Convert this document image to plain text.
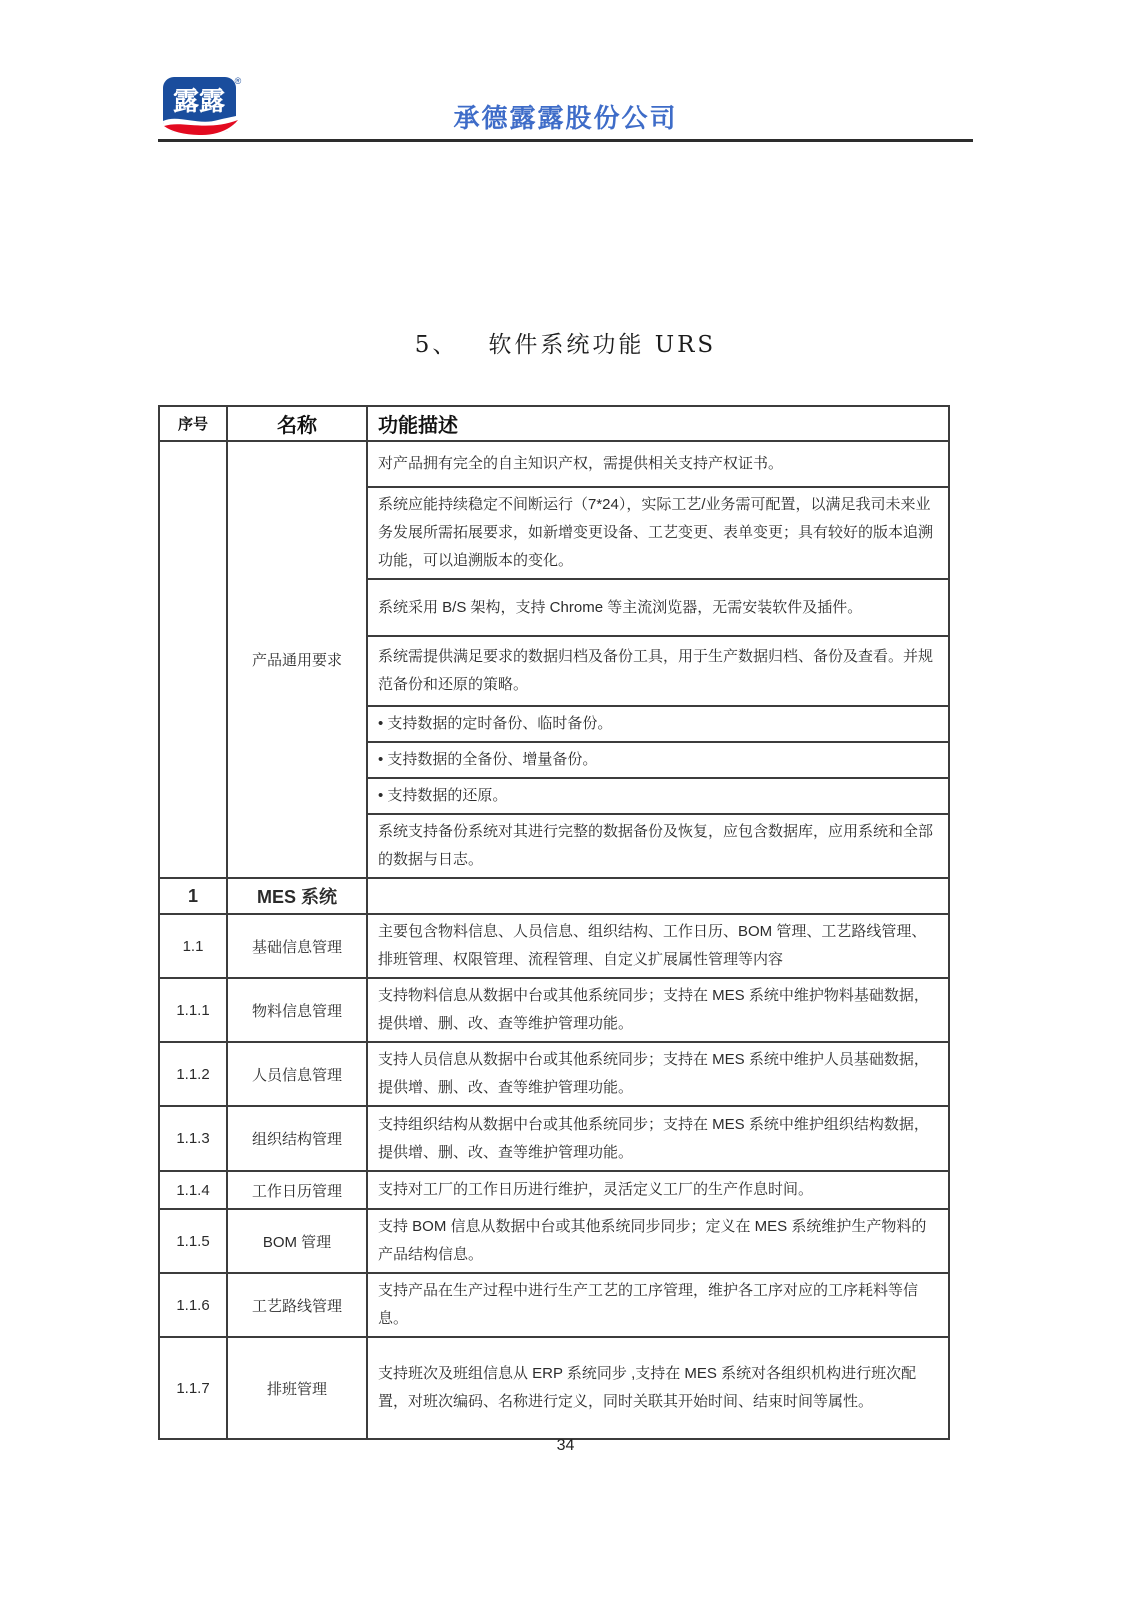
露露
®
承德露露股份公司
5、 软件系统功能 URS
序号	名称	功能描述
	产品通用要求	对产品拥有完全的自主知识产权，需提供相关支持产权证书。
		系统应能持续稳定不间断运行（7*24），实际工艺/业务需可配置，以满足我司未来业务发展所需拓展要求，如新增变更设备、工艺变更、表单变更；具有较好的版本追溯功能，可以追溯版本的变化。
		系统采用 B/S 架构，支持 Chrome 等主流浏览器，无需安装软件及插件。
		系统需提供满足要求的数据归档及备份工具，用于生产数据归档、备份及查看。并规范备份和还原的策略。
		• 支持数据的定时备份、临时备份。
		• 支持数据的全备份、增量备份。
		• 支持数据的还原。
		系统支持备份系统对其进行完整的数据备份及恢复，应包含数据库，应用系统和全部的数据与日志。
1	MES 系统	
1.1	基础信息管理	主要包含物料信息、人员信息、组织结构、工作日历、BOM 管理、工艺路线管理、排班管理、权限管理、流程管理、自定义扩展属性管理等内容
1.1.1	物料信息管理	支持物料信息从数据中台或其他系统同步；支持在 MES 系统中维护物料基础数据，提供增、删、改、查等维护管理功能。
1.1.2	人员信息管理	支持人员信息从数据中台或其他系统同步；支持在 MES 系统中维护人员基础数据，提供增、删、改、查等维护管理功能。
1.1.3	组织结构管理	支持组织结构从数据中台或其他系统同步；支持在 MES 系统中维护组织结构数据，提供增、删、改、查等维护管理功能。
1.1.4	工作日历管理	支持对工厂的工作日历进行维护，灵活定义工厂的生产作息时间。
1.1.5	BOM 管理	支持 BOM 信息从数据中台或其他系统同步同步；定义在 MES 系统维护生产物料的产品结构信息。
1.1.6	工艺路线管理	支持产品在生产过程中进行生产工艺的工序管理，维护各工序对应的工序耗料等信息。
1.1.7	排班管理	支持班次及班组信息从 ERP 系统同步 ,支持在 MES 系统对各组织机构进行班次配置，对班次编码、名称进行定义，同时关联其开始时间、结束时间等属性。
34
